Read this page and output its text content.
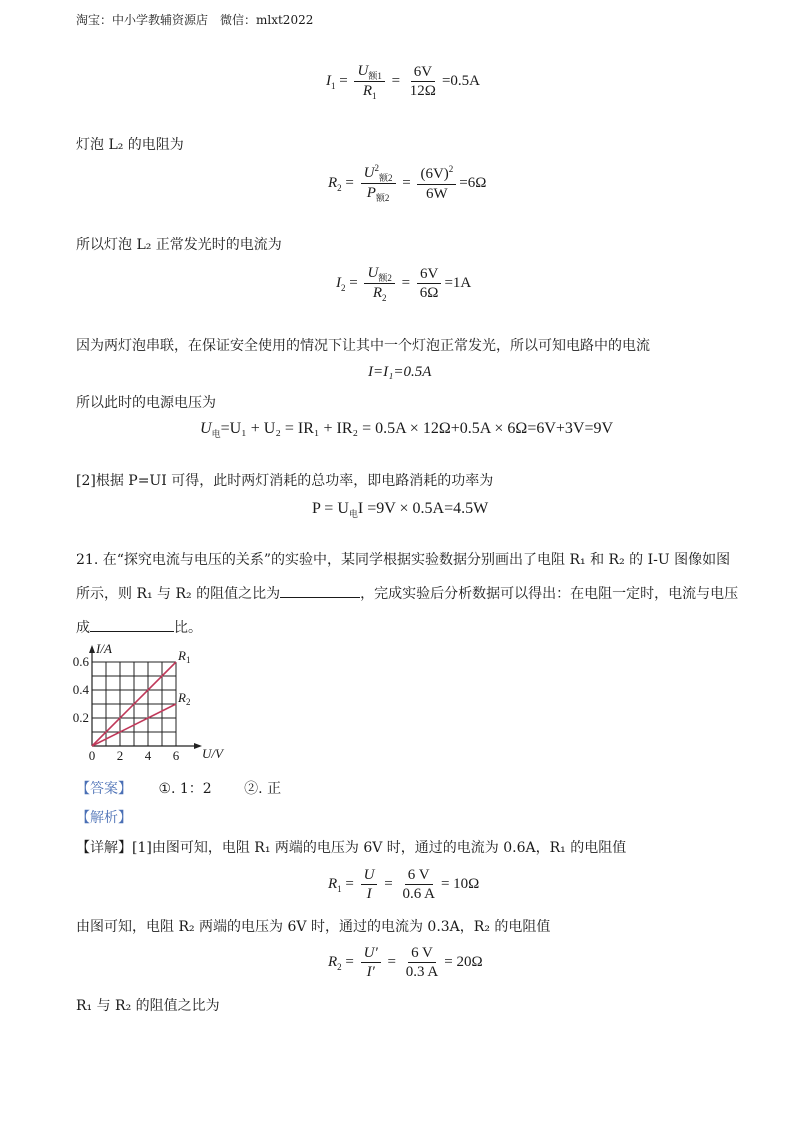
淘宝：中小学教辅资源店　微信：mlxt2022
$I_1 = \frac{U_{额1}}{R_1} = \frac{6V}{12\Omega} =0.5A$
灯泡 L₂ 的电阻为
$R_2 = \frac{U^2_{额2}}{P_{额2}} = \frac{(6V)^2}{6W} =6\Omega$
所以灯泡 L₂ 正常发光时的电流为
$I_2 = \frac{U_{额2}}{R_2} = \frac{6V}{6\Omega} =1A$
因为两灯泡串联，在保证安全使用的情况下让其中一个灯泡正常发光，所以可知电路中的电流
I=I₁=0.5A
所以此时的电源电压为
$U_电=U_1 + U_2 = IR_1 + IR_2 = 0.5A \times 12\Omega+0.5A \times 6\Omega=6V+3V=9V$
[2]根据 P=UI 可得，此时两灯消耗的总功率，即电路消耗的功率为
$P = U_电I =9V \times 0.5A=4.5W$
21. 在“探究电流与电压的关系”的实验中，某同学根据实验数据分别画出了电阻 R₁ 和 R₂ 的 I-U 图像如图
所示，则 R₁ 与 R₂ 的阻值之比为	，完成实验后分析数据可以得出：在电阻一定时，电流与电压
成	比。
0 2 4 6
0.2
0.4
0.6
I/A
U/V
$R_1$
$R_2$
【答案】 ①. 1：2 ②. 正
【解析】
【详解】[1]由图可知，电阻 R₁ 两端的电压为 6V 时，通过的电流为 0.6A，R₁ 的电阻值
$R_1 = \frac{U}{I} = \frac{6 V}{0.6 A} = 10\Omega$
由图可知，电阻 R₂ 两端的电压为 6V 时，通过的电流为 0.3A，R₂ 的电阻值
$R_2 = \frac{U'}{I'} = \frac{6 V}{0.3 A} = 20\Omega$
R₁ 与 R₂ 的阻值之比为
